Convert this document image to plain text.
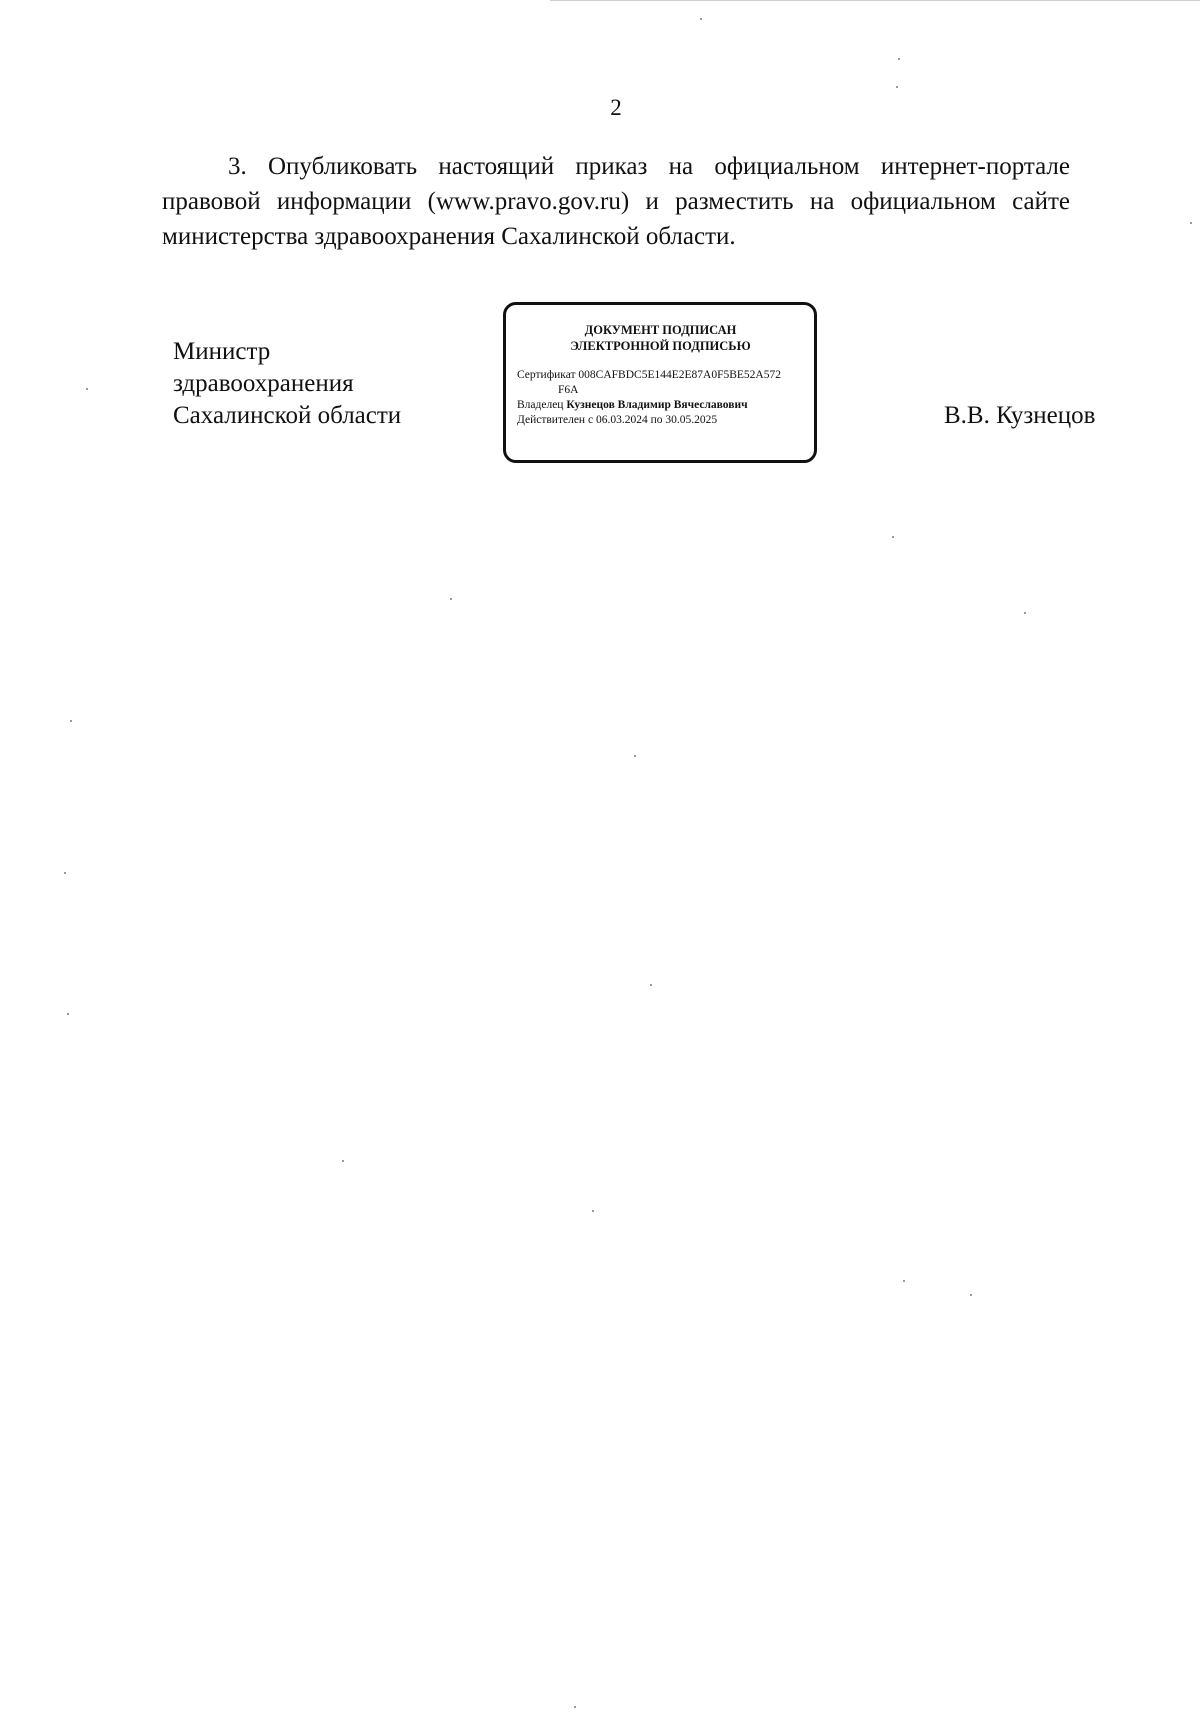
2

3. Опубликовать настоящий приказ на официальном интернет-портале правовой информации (www.pravo.gov.ru) и разместить на официальном сайте министерства здравоохранения Сахалинской области.

Министр
здравоохранения
Сахалинской области
ДОКУМЕНТ ПОДПИСАН
ЭЛЕКТРОННОЙ ПОДПИСЬЮ
Сертификат 008CAFBDC5E144E2E87A0F5BE52A572
F6A
Владелец Кузнецов Владимир Вячеславович
Действителен с 06.03.2024 по 30.05.2025	В.В. Кузнецов
